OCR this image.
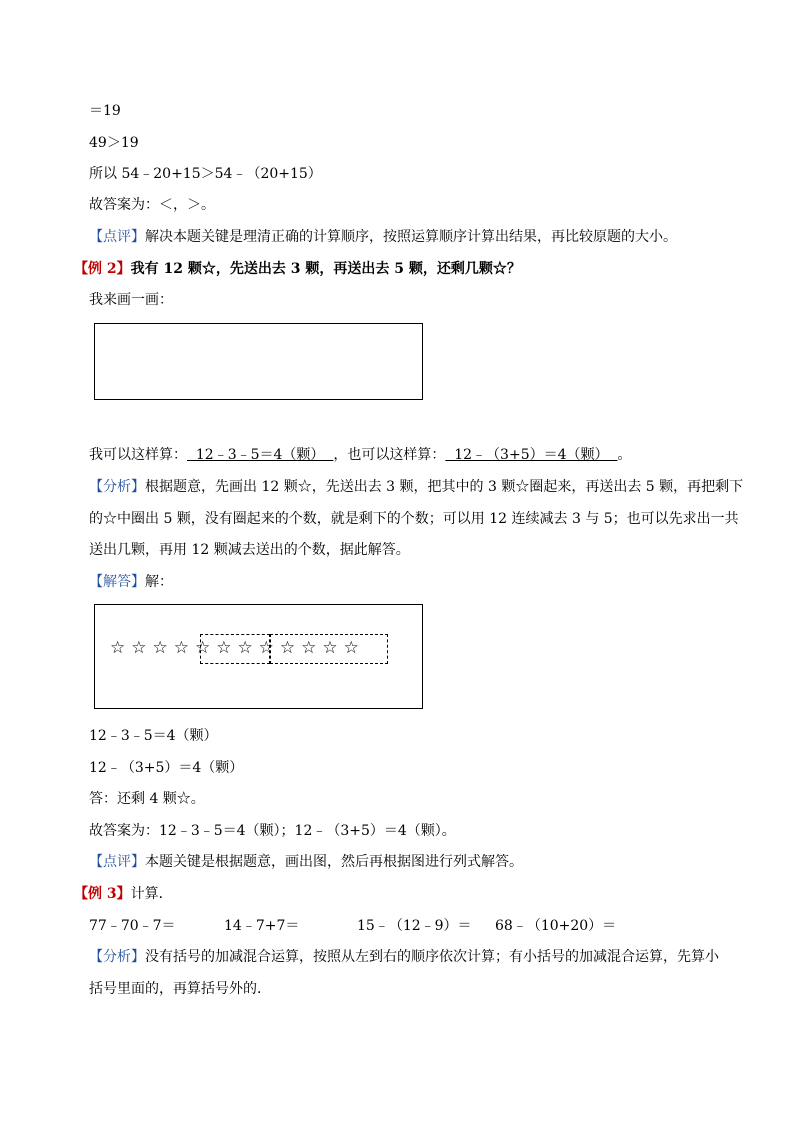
＝19
49＞19
所以 54﹣20+15＞54﹣（20+15）
故答案为：＜，＞。
【点评】解决本题关键是理清正确的计算顺序，按照运算顺序计算出结果，再比较原题的大小。
【例 2】我有 12 颗☆，先送出去 3 颗，再送出去 5 颗，还剩几颗☆？
我来画一画：
我可以这样算：  12﹣3﹣5＝4（颗）  ，也可以这样算：  12﹣（3+5）＝4（颗）  。
【分析】根据题意，先画出 12 颗☆，先送出去 3 颗，把其中的 3 颗☆圈起来，再送出去 5 颗，再把剩下
的☆中圈出 5 颗，没有圈起来的个数，就是剩下的个数；可以用 12 连续减去 3 与 5；也可以先求出一共
送出几颗，再用 12 颗减去送出的个数，据此解答。
【解答】解：
☆☆☆☆☆☆☆☆☆☆☆☆
12﹣3﹣5＝4（颗）
12﹣（3+5）＝4（颗）
答：还剩 4 颗☆。
故答案为：12﹣3﹣5＝4（颗）；12﹣（3+5）＝4（颗）。
【点评】本题关键是根据题意，画出图，然后再根据图进行列式解答。
【例 3】计算．
77﹣70﹣7＝	14﹣7+7＝	15﹣（12﹣9）＝ 68﹣（10+20）＝
【分析】没有括号的加减混合运算，按照从左到右的顺序依次计算；有小括号的加减混合运算，先算小
括号里面的，再算括号外的．
